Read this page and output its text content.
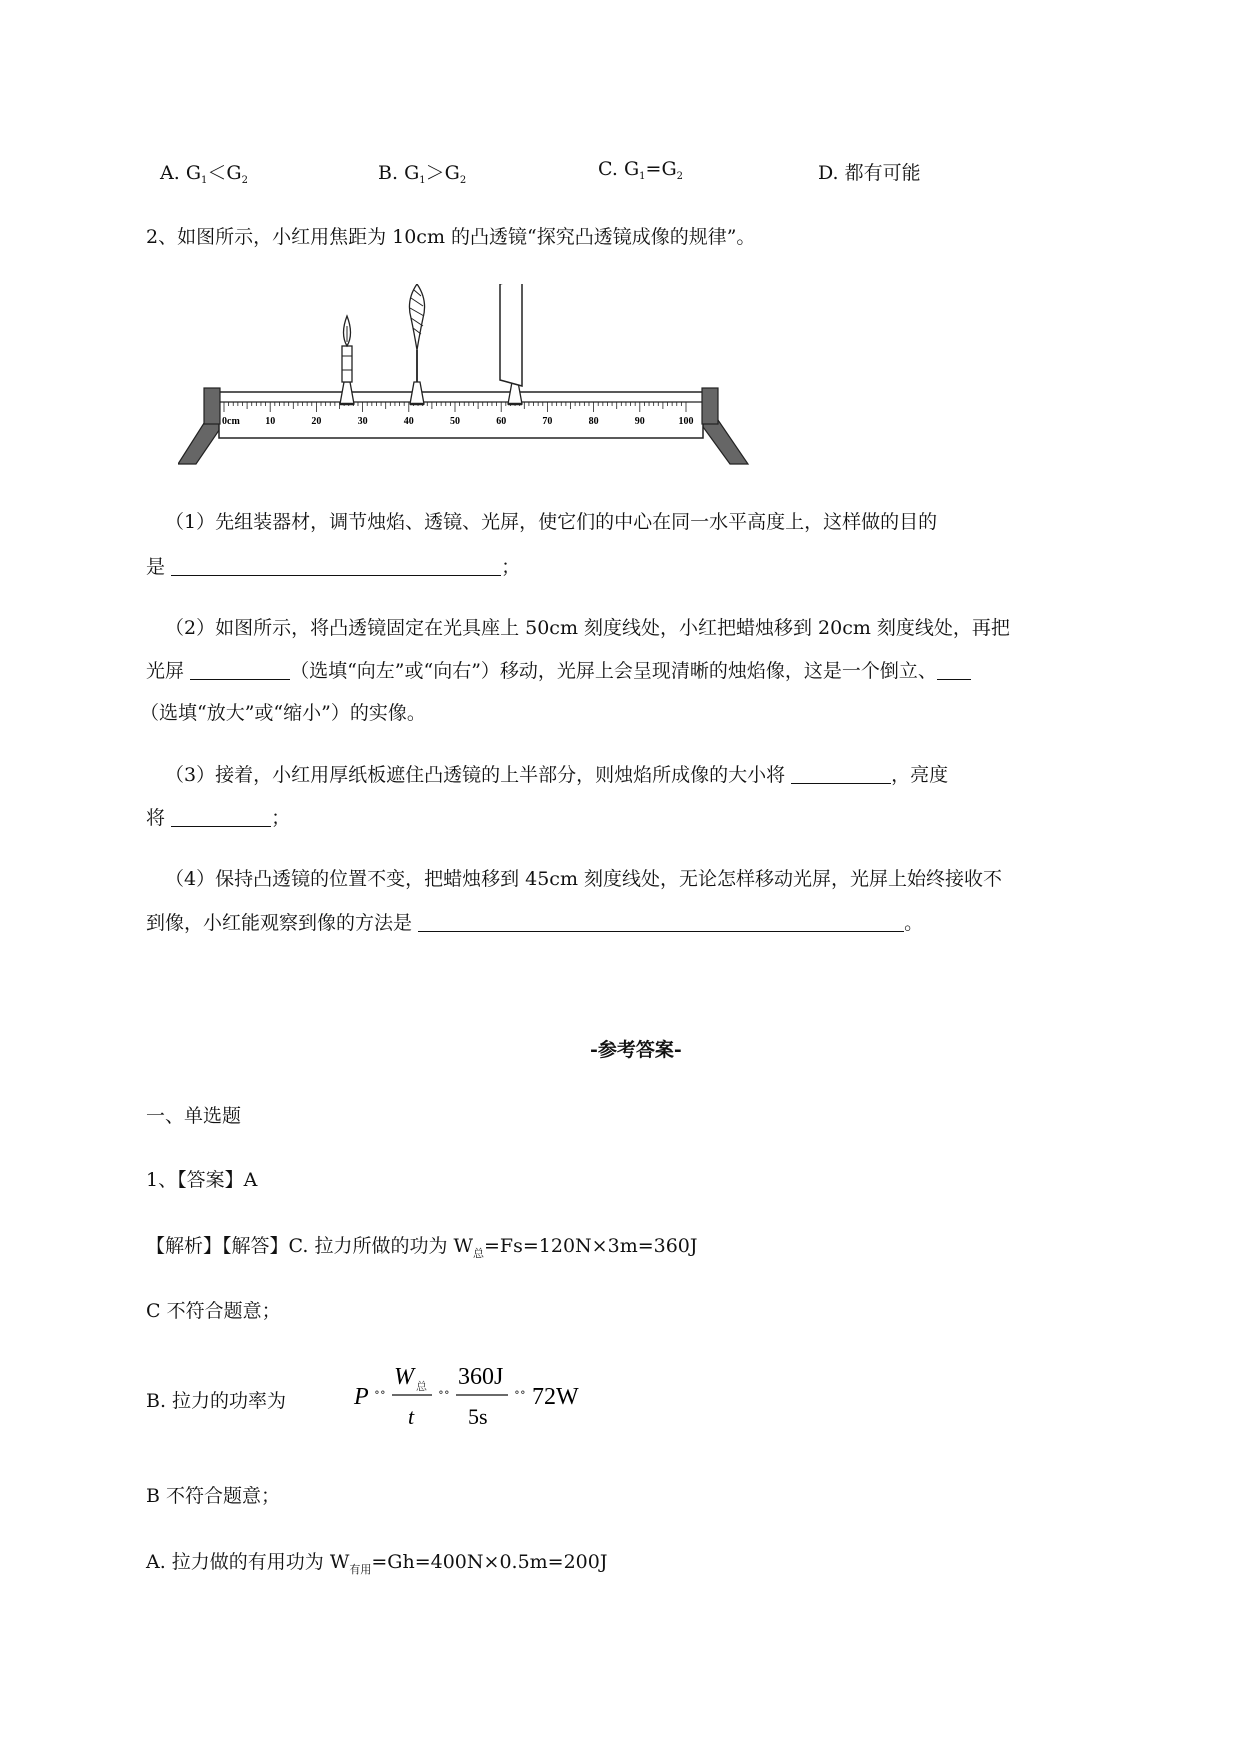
A. $G_1<G_2$	B. $G_1>G_2$
C. $G_1=G_2$	D. 都有可能
2、如图所示，小红用焦距为 10cm 的凸透镜“探究凸透镜成像的规律”。
0cm	10	20	30	40	50	60	70	80	90	100
（1）先组装器材，调节烛焰、透镜、光屏，使它们的中心在同一水平高度上，这样做的目的
是	；
（2）如图所示，将凸透镜固定在光具座上 50cm 刻度线处，小红把蜡烛移到 20cm 刻度线处，再把
光屏	（选填“向左”或“向右”）移动，光屏上会呈现清晰的烛焰像，这是一个倒立、
（选填“放大”或“缩小”）的实像。
（3）接着，小红用厚纸板遮住凸透镜的上半部分，则烛焰所成像的大小将	，亮度
将	；
（4）保持凸透镜的位置不变，把蜡烛移到 45cm 刻度线处，无论怎样移动光屏，光屏上始终接收不
到像，小红能观察到像的方法是	。
-参考答案-
一、单选题
1、【答案】A
【解析】【解答】C. 拉力所做的功为 $W_总=Fs=120N\times 3m=360J$
C 不符合题意；
B. 拉力的功率为	P ∘∘
W 总
t
∘∘
360J
5s
∘∘ 72W
B 不符合题意；
A. 拉力做的有用功为 $W_{有用}=Gh=400N\times 0.5m=200J$
